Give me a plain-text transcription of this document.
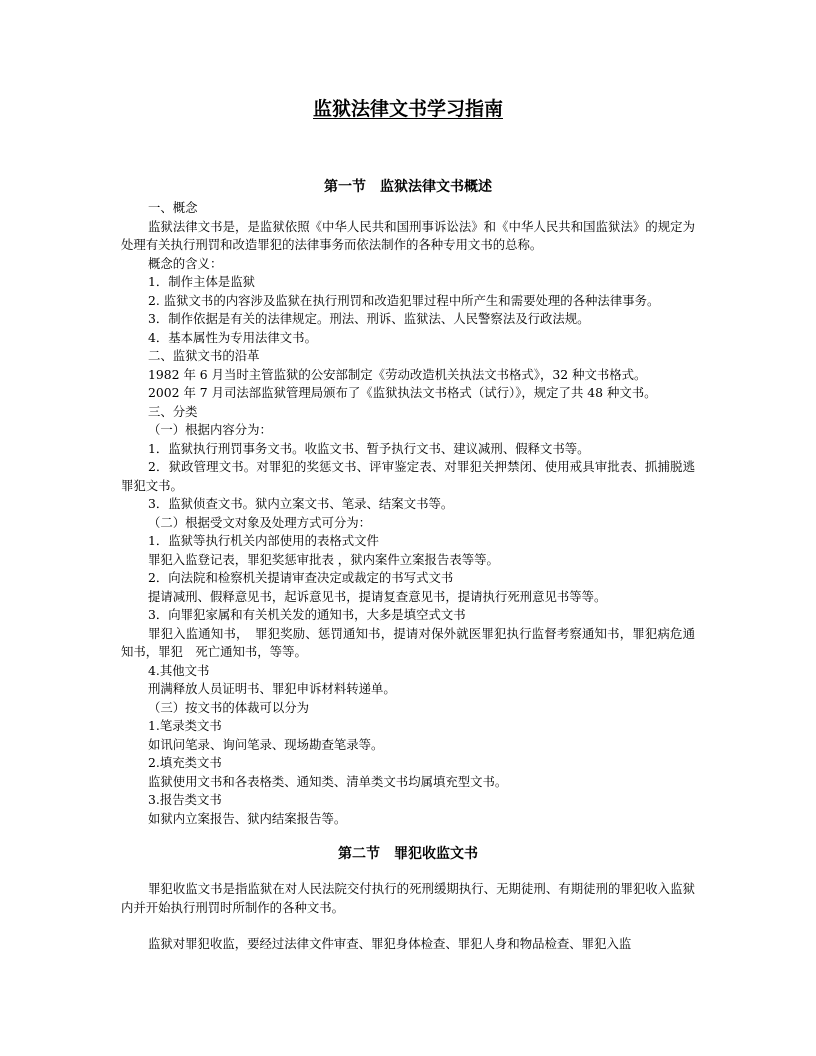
监狱法律文书学习指南
第一节　监狱法律文书概述

一、概念

监狱法律文书是，是监狱依照《中华人民共和国刑事诉讼法》和《中华人民共和国监狱法》的规定为处理有关执行刑罚和改造罪犯的法律事务而依法制作的各种专用文书的总称。

概念的含义：

1．制作主体是监狱

2. 监狱文书的内容涉及监狱在执行刑罚和改造犯罪过程中所产生和需要处理的各种法律事务。

3．制作依据是有关的法律规定。刑法、刑诉、监狱法、人民警察法及行政法规。

4．基本属性为专用法律文书。

二、监狱文书的沿革

1982 年 6 月当时主管监狱的公安部制定《劳动改造机关执法文书格式》，32 种文书格式。

2002 年 7 月司法部监狱管理局颁布了《监狱执法文书格式（试行）》，规定了共 48 种文书。

三、分类

（一）根据内容分为：

1．监狱执行刑罚事务文书。收监文书、暂予执行文书、建议减刑、假释文书等。

2．狱政管理文书。对罪犯的奖惩文书、评审鉴定表、对罪犯关押禁闭、使用戒具审批表、抓捕脱逃罪犯文书。

3．监狱侦查文书。狱内立案文书、笔录、结案文书等。

（二）根据受文对象及处理方式可分为：

1．监狱等执行机关内部使用的表格式文件

罪犯入监登记表，罪犯奖惩审批表 ，狱内案件立案报告表等等。

2．向法院和检察机关提请审查决定或裁定的书写式文书

提请减刑、假释意见书，起诉意见书，提请复查意见书，提请执行死刑意见书等等。

3．向罪犯家属和有关机关发的通知书，大多是填空式文书

罪犯入监通知书，　罪犯奖励、惩罚通知书，提请对保外就医罪犯执行监督考察通知书，罪犯病危通知书，罪犯　死亡通知书，等等。

4.其他文书

刑满释放人员证明书、罪犯申诉材料转递单。

（三）按文书的体裁可以分为

1.笔录类文书

如讯问笔录、询问笔录、现场勘查笔录等。

2.填充类文书

监狱使用文书和各表格类、通知类、清单类文书均属填充型文书。

3.报告类文书

如狱内立案报告、狱内结案报告等。

第二节　罪犯收监文书

罪犯收监文书是指监狱在对人民法院交付执行的死刑缓期执行、无期徒刑、有期徒刑的罪犯收入监狱内并开始执行刑罚时所制作的各种文书。

监狱对罪犯收监，要经过法律文件审查、罪犯身体检查、罪犯人身和物品检查、罪犯入监
